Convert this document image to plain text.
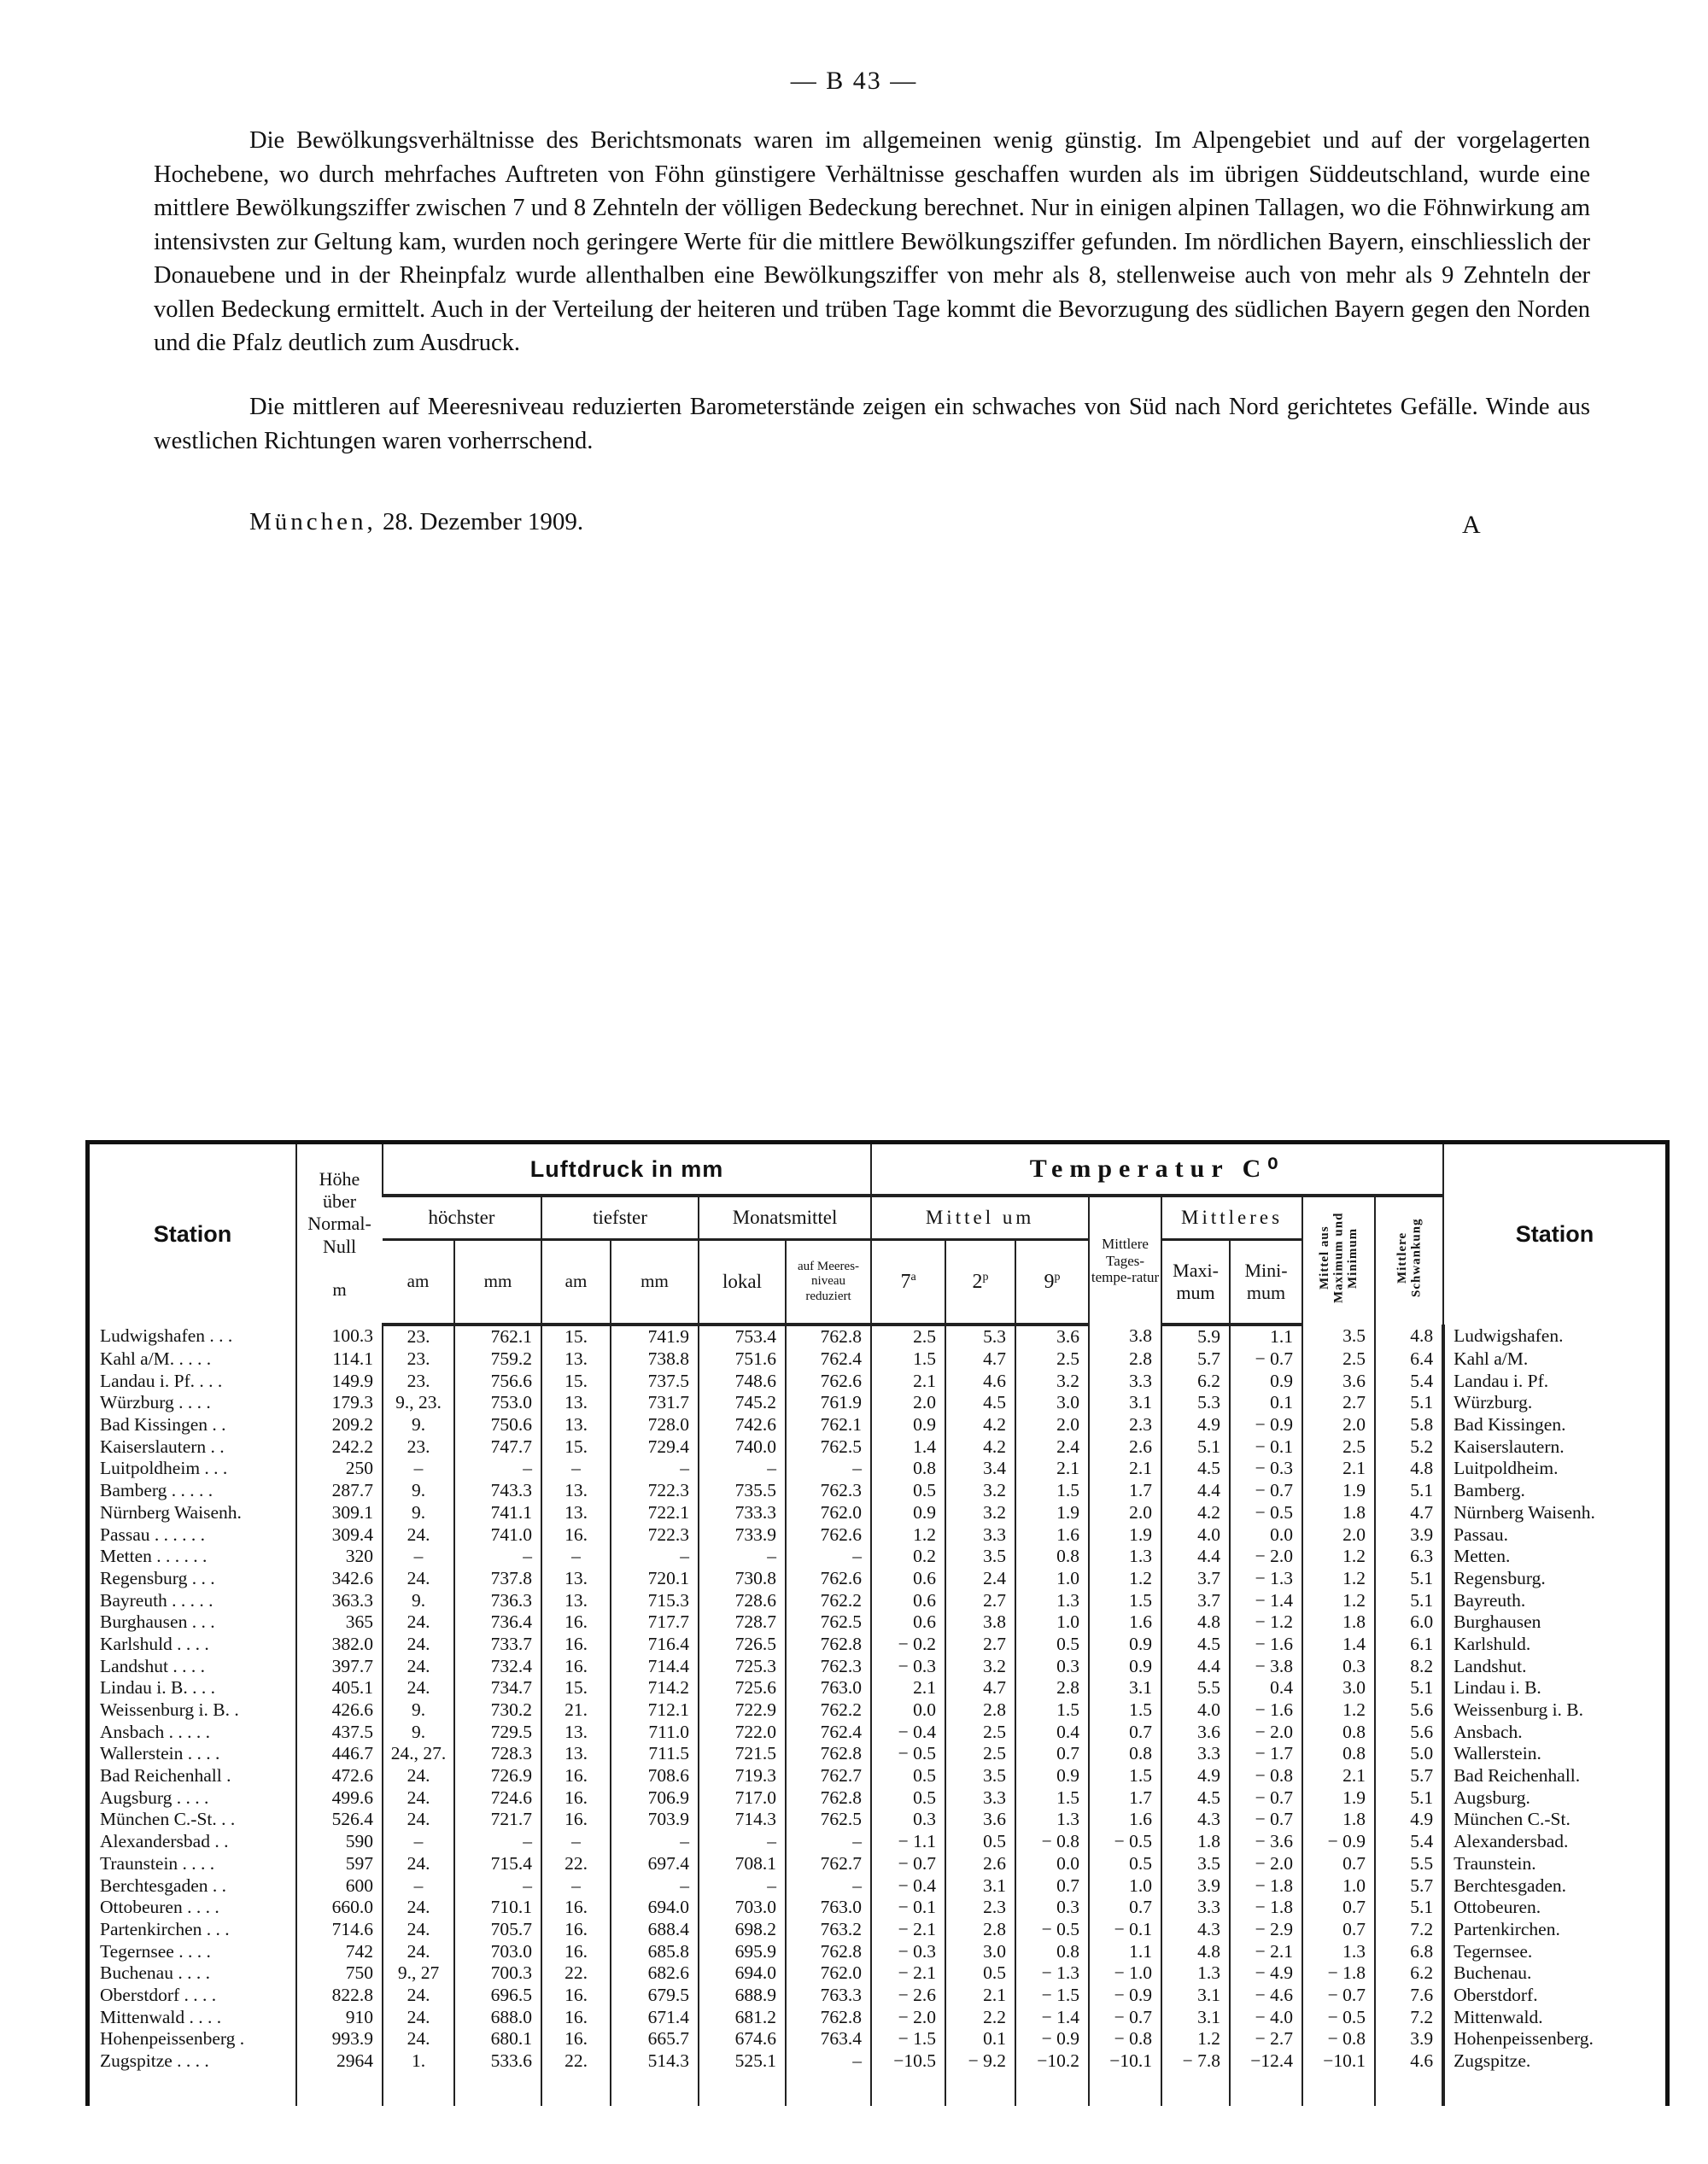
— B 43 —

Die Bewölkungsverhältnisse des Berichtsmonats waren im allgemeinen wenig günstig. Im Alpengebiet und auf der vorgelagerten Hochebene, wo durch mehrfaches Auftreten von Föhn günstigere Verhältnisse geschaffen wurden als im übrigen Süddeutschland, wurde eine mittlere Bewölkungsziffer zwischen 7 und 8 Zehnteln der völligen Bedeckung berechnet. Nur in einigen alpinen Tallagen, wo die Föhnwirkung am intensivsten zur Geltung kam, wurden noch geringere Werte für die mittlere Bewölkungsziffer gefunden. Im nördlichen Bayern, einschliesslich der Donauebene und in der Rheinpfalz wurde allenthalben eine Bewölkungsziffer von mehr als 8, stellenweise auch von mehr als 9 Zehnteln der vollen Bedeckung ermittelt. Auch in der Verteilung der heiteren und trüben Tage kommt die Bevorzugung des südlichen Bayern gegen den Norden und die Pfalz deutlich zum Ausdruck.

Die mittleren auf Meeresniveau reduzierten Barometerstände zeigen ein schwaches von Süd nach Nord gerichtetes Gefälle. Winde aus westlichen Richtungen waren vorherrschend.

München, 28. Dezember 1909.	A
Station	Höhe über Normal-Null

m	Luftdruck in mm						Temperatur C⁰								Station
		höchster		tiefster		Monatsmittel		Mittel um			Mittlere Tages-tempe-ratur	Mittleres		Mittel aus Maximum und Minimum	Mittlere Schwankung	
		am	mm	am	mm	lokal	auf Meeres-niveau reduziert	7$^a$	2$^p$	9$^p$		Maxi-mum	Mini-mum			
Ludwigshafen . . .	100.3	23.	762.1	15.	741.9	753.4	762.8	2.5	5.3	3.6	3.8	5.9	1.1	3.5	4.8	Ludwigshafen.
Kahl a/M. . . . .	114.1	23.	759.2	13.	738.8	751.6	762.4	1.5	4.7	2.5	2.8	5.7	− 0.7	2.5	6.4	Kahl a/M.
Landau i. Pf. . . .	149.9	23.	756.6	15.	737.5	748.6	762.6	2.1	4.6	3.2	3.3	6.2	0.9	3.6	5.4	Landau i. Pf.
Würzburg . . . .	179.3	9., 23.	753.0	13.	731.7	745.2	761.9	2.0	4.5	3.0	3.1	5.3	0.1	2.7	5.1	Würzburg.
Bad Kissingen . .	209.2	9.	750.6	13.	728.0	742.6	762.1	0.9	4.2	2.0	2.3	4.9	− 0.9	2.0	5.8	Bad Kissingen.
Kaiserslautern . .	242.2	23.	747.7	15.	729.4	740.0	762.5	1.4	4.2	2.4	2.6	5.1	− 0.1	2.5	5.2	Kaiserslautern.
Luitpoldheim . . .	250	–	–	–	–	–	–	0.8	3.4	2.1	2.1	4.5	− 0.3	2.1	4.8	Luitpoldheim.
Bamberg . . . . .	287.7	9.	743.3	13.	722.3	735.5	762.3	0.5	3.2	1.5	1.7	4.4	− 0.7	1.9	5.1	Bamberg.
Nürnberg Waisenh.	309.1	9.	741.1	13.	722.1	733.3	762.0	0.9	3.2	1.9	2.0	4.2	− 0.5	1.8	4.7	Nürnberg Waisenh.
Passau . . . . . .	309.4	24.	741.0	16.	722.3	733.9	762.6	1.2	3.3	1.6	1.9	4.0	0.0	2.0	3.9	Passau.
Metten . . . . . .	320	–	–	–	–	–	–	0.2	3.5	0.8	1.3	4.4	− 2.0	1.2	6.3	Metten.
Regensburg . . .	342.6	24.	737.8	13.	720.1	730.8	762.6	0.6	2.4	1.0	1.2	3.7	− 1.3	1.2	5.1	Regensburg.
Bayreuth . . . . .	363.3	9.	736.3	13.	715.3	728.6	762.2	0.6	2.7	1.3	1.5	3.7	− 1.4	1.2	5.1	Bayreuth.
Burghausen . . .	365	24.	736.4	16.	717.7	728.7	762.5	0.6	3.8	1.0	1.6	4.8	− 1.2	1.8	6.0	Burghausen
Karlshuld . . . .	382.0	24.	733.7	16.	716.4	726.5	762.8	− 0.2	2.7	0.5	0.9	4.5	− 1.6	1.4	6.1	Karlshuld.
Landshut . . . .	397.7	24.	732.4	16.	714.4	725.3	762.3	− 0.3	3.2	0.3	0.9	4.4	− 3.8	0.3	8.2	Landshut.
Lindau i. B. . . .	405.1	24.	734.7	15.	714.2	725.6	763.0	2.1	4.7	2.8	3.1	5.5	0.4	3.0	5.1	Lindau i. B.
Weissenburg i. B. .	426.6	9.	730.2	21.	712.1	722.9	762.2	0.0	2.8	1.5	1.5	4.0	− 1.6	1.2	5.6	Weissenburg i. B.
Ansbach . . . . .	437.5	9.	729.5	13.	711.0	722.0	762.4	− 0.4	2.5	0.4	0.7	3.6	− 2.0	0.8	5.6	Ansbach.
Wallerstein . . . .	446.7	24., 27.	728.3	13.	711.5	721.5	762.8	− 0.5	2.5	0.7	0.8	3.3	− 1.7	0.8	5.0	Wallerstein.
Bad Reichenhall .	472.6	24.	726.9	16.	708.6	719.3	762.7	0.5	3.5	0.9	1.5	4.9	− 0.8	2.1	5.7	Bad Reichenhall.
Augsburg . . . .	499.6	24.	724.6	16.	706.9	717.0	762.8	0.5	3.3	1.5	1.7	4.5	− 0.7	1.9	5.1	Augsburg.
München C.-St. . .	526.4	24.	721.7	16.	703.9	714.3	762.5	0.3	3.6	1.3	1.6	4.3	− 0.7	1.8	4.9	München C.-St.
Alexandersbad . .	590	–	–	–	–	–	–	− 1.1	0.5	− 0.8	− 0.5	1.8	− 3.6	− 0.9	5.4	Alexandersbad.
Traunstein . . . .	597	24.	715.4	22.	697.4	708.1	762.7	− 0.7	2.6	0.0	0.5	3.5	− 2.0	0.7	5.5	Traunstein.
Berchtesgaden . .	600	–	–	–	–	–	–	− 0.4	3.1	0.7	1.0	3.9	− 1.8	1.0	5.7	Berchtesgaden.
Ottobeuren . . . .	660.0	24.	710.1	16.	694.0	703.0	763.0	− 0.1	2.3	0.3	0.7	3.3	− 1.8	0.7	5.1	Ottobeuren.
Partenkirchen . . .	714.6	24.	705.7	16.	688.4	698.2	763.2	− 2.1	2.8	− 0.5	− 0.1	4.3	− 2.9	0.7	7.2	Partenkirchen.
Tegernsee . . . .	742	24.	703.0	16.	685.8	695.9	762.8	− 0.3	3.0	0.8	1.1	4.8	− 2.1	1.3	6.8	Tegernsee.
Buchenau . . . .	750	9., 27	700.3	22.	682.6	694.0	762.0	− 2.1	0.5	− 1.3	− 1.0	1.3	− 4.9	− 1.8	6.2	Buchenau.
Oberstdorf . . . .	822.8	24.	696.5	16.	679.5	688.9	763.3	− 2.6	2.1	− 1.5	− 0.9	3.1	− 4.6	− 0.7	7.6	Oberstdorf.
Mittenwald . . . .	910	24.	688.0	16.	671.4	681.2	762.8	− 2.0	2.2	− 1.4	− 0.7	3.1	− 4.0	− 0.5	7.2	Mittenwald.
Hohenpeissenberg .	993.9	24.	680.1	16.	665.7	674.6	763.4	− 1.5	0.1	− 0.9	− 0.8	1.2	− 2.7	− 0.8	3.9	Hohenpeissenberg.
Zugspitze . . . .	2964	1.	533.6	22.	514.3	525.1	–	−10.5	− 9.2	−10.2	−10.1	− 7.8	−12.4	−10.1	4.6	Zugspitze.
